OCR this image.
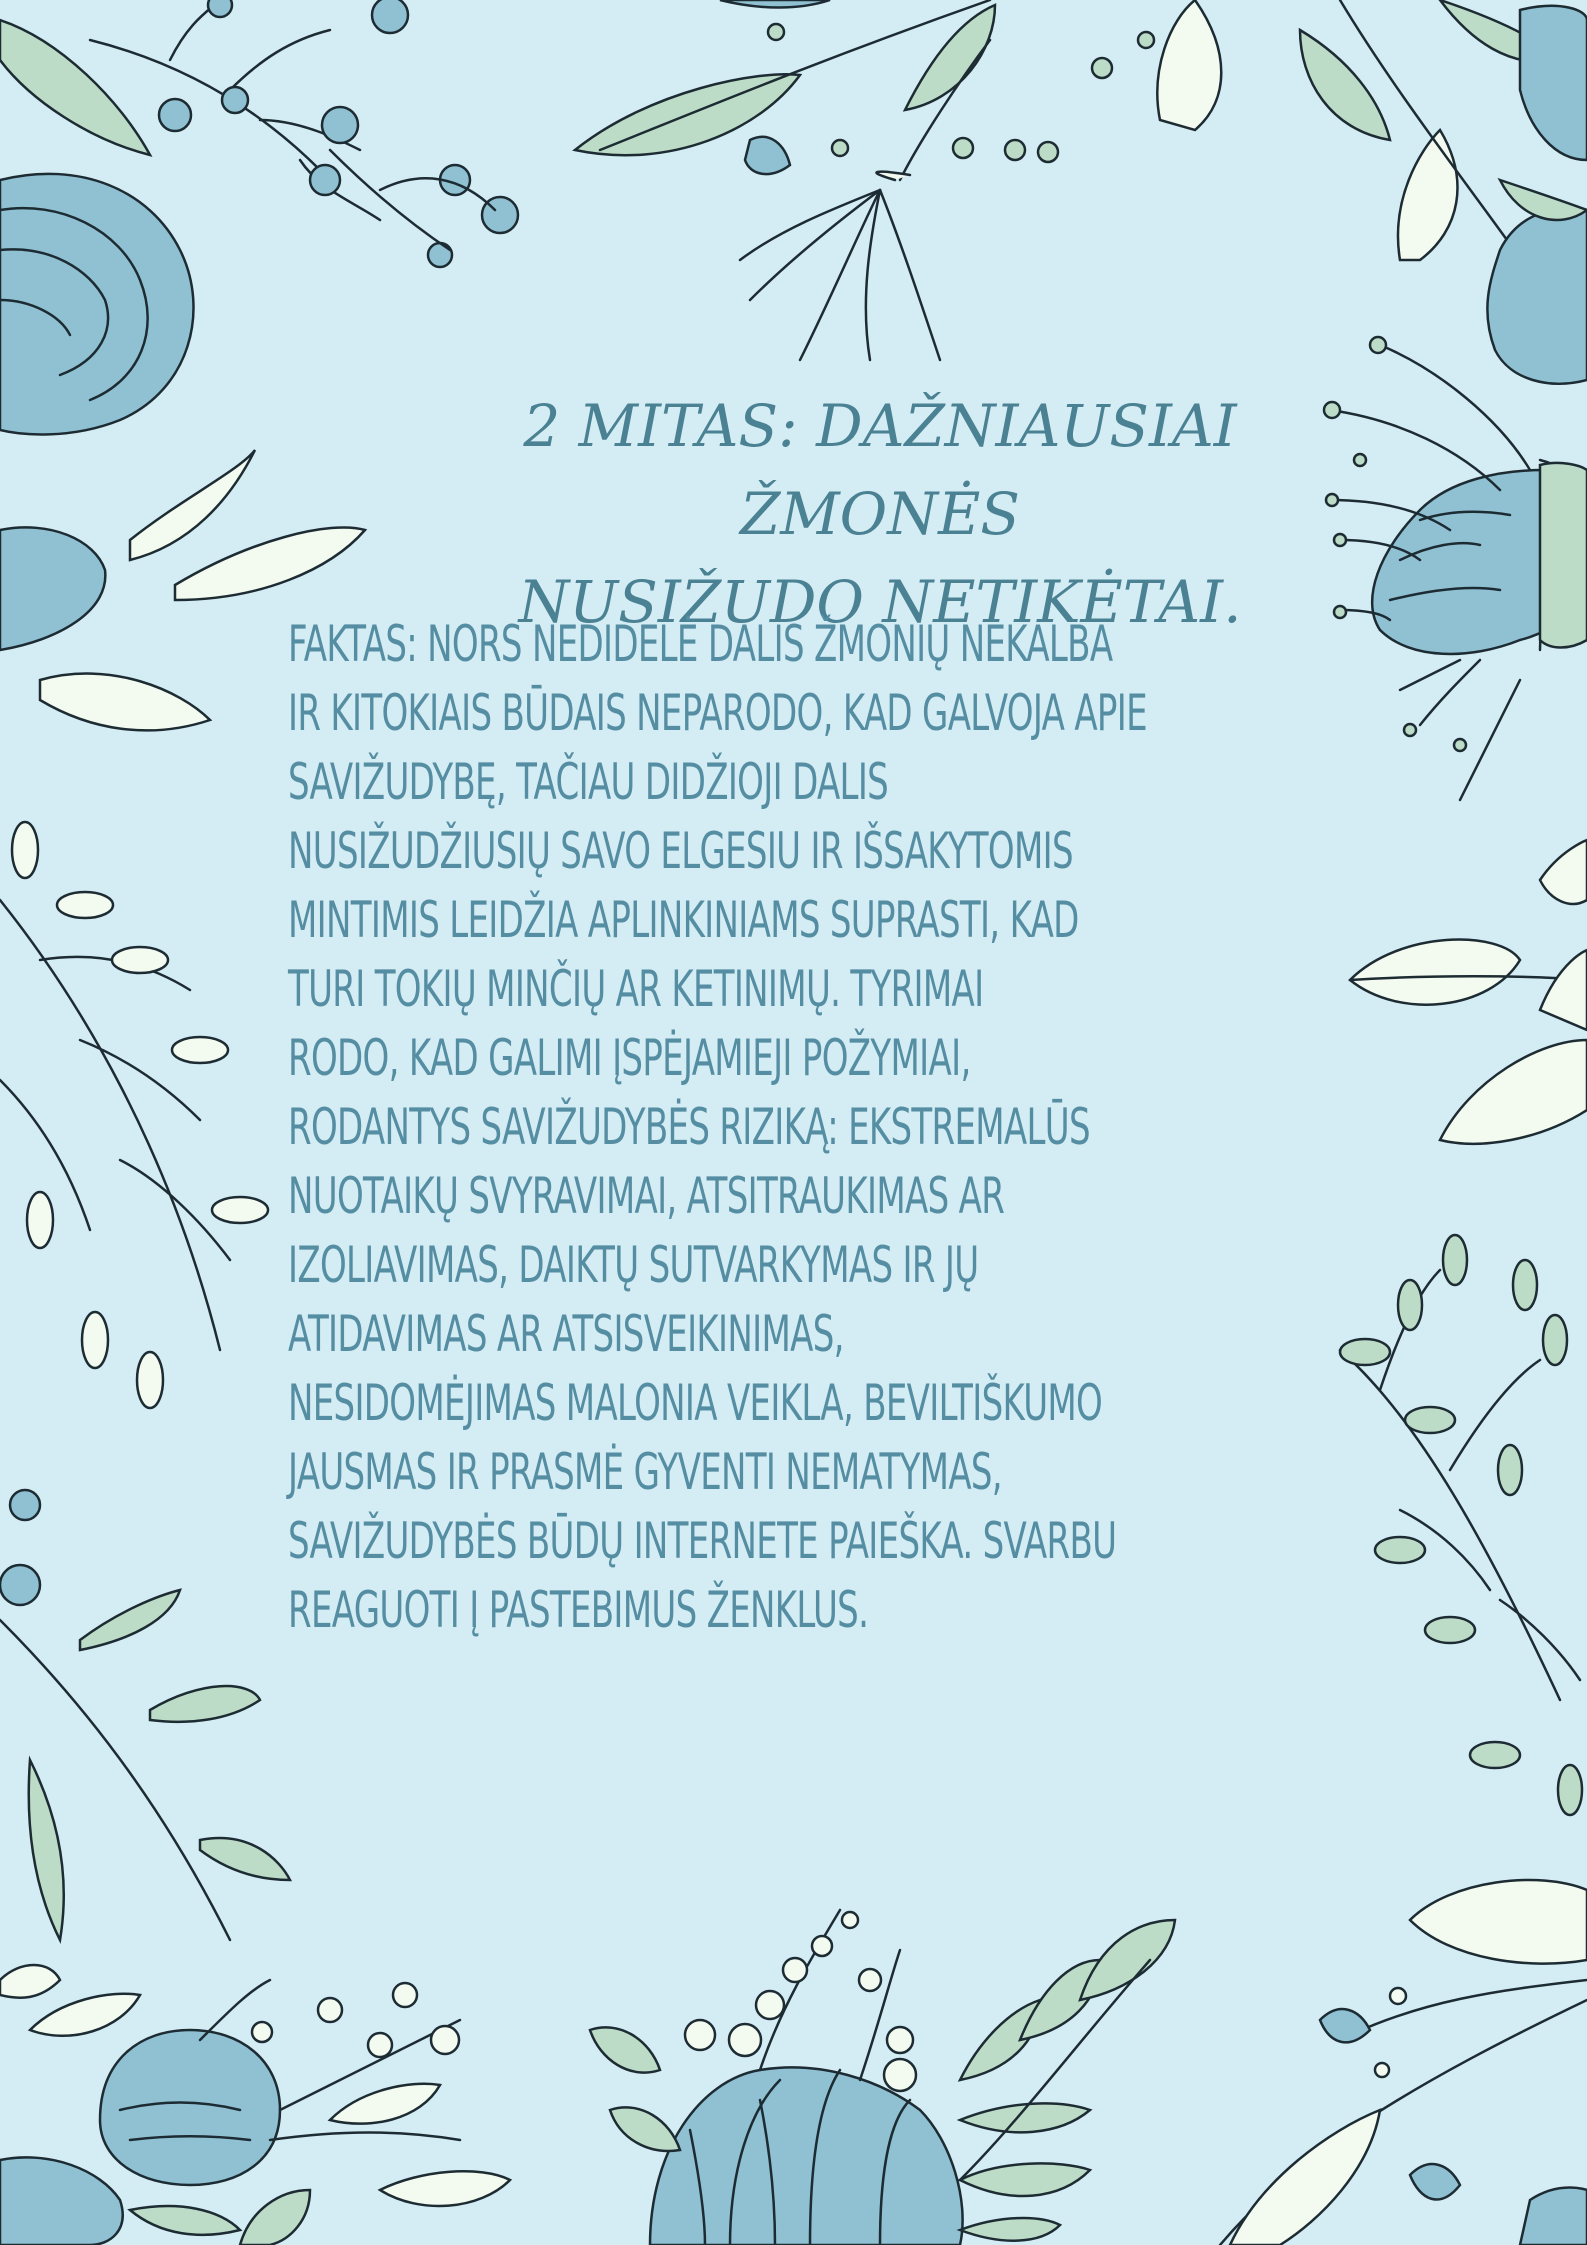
2 MITAS: DAŽNIAUSIAI ŽMONĖS
NUSIŽUDO NETIKĖTAI.
FAKTAS: NORS NEDIDELĖ DALIS ŽMONIŲ NEKALBA
IR KITOKIAIS BŪDAIS NEPARODO, KAD GALVOJA APIE
SAVIŽUDYBĘ, TAČIAU DIDŽIOJI DALIS
NUSIŽUDŽIUSIŲ SAVO ELGESIU IR IŠSAKYTOMIS
MINTIMIS LEIDŽIA APLINKINIAMS SUPRASTI, KAD
TURI TOKIŲ MINČIŲ AR KETINIMŲ. TYRIMAI
RODO, KAD GALIMI ĮSPĖJAMIEJI POŽYMIAI,
RODANTYS SAVIŽUDYBĖS RIZIKĄ: EKSTREMALŪS
NUOTAIKŲ SVYRAVIMAI, ATSITRAUKIMAS AR
IZOLIAVIMAS, DAIKTŲ SUTVARKYMAS IR JŲ
ATIDAVIMAS AR ATSISVEIKINIMAS,
NESIDOMĖJIMAS MALONIA VEIKLA, BEVILTIŠKUMO
JAUSMAS IR PRASMĖ GYVENTI NEMATYMAS,
SAVIŽUDYBĖS BŪDŲ INTERNETE PAIEŠKA. SVARBU
REAGUOTI Į PASTEBIMUS ŽENKLUS.
